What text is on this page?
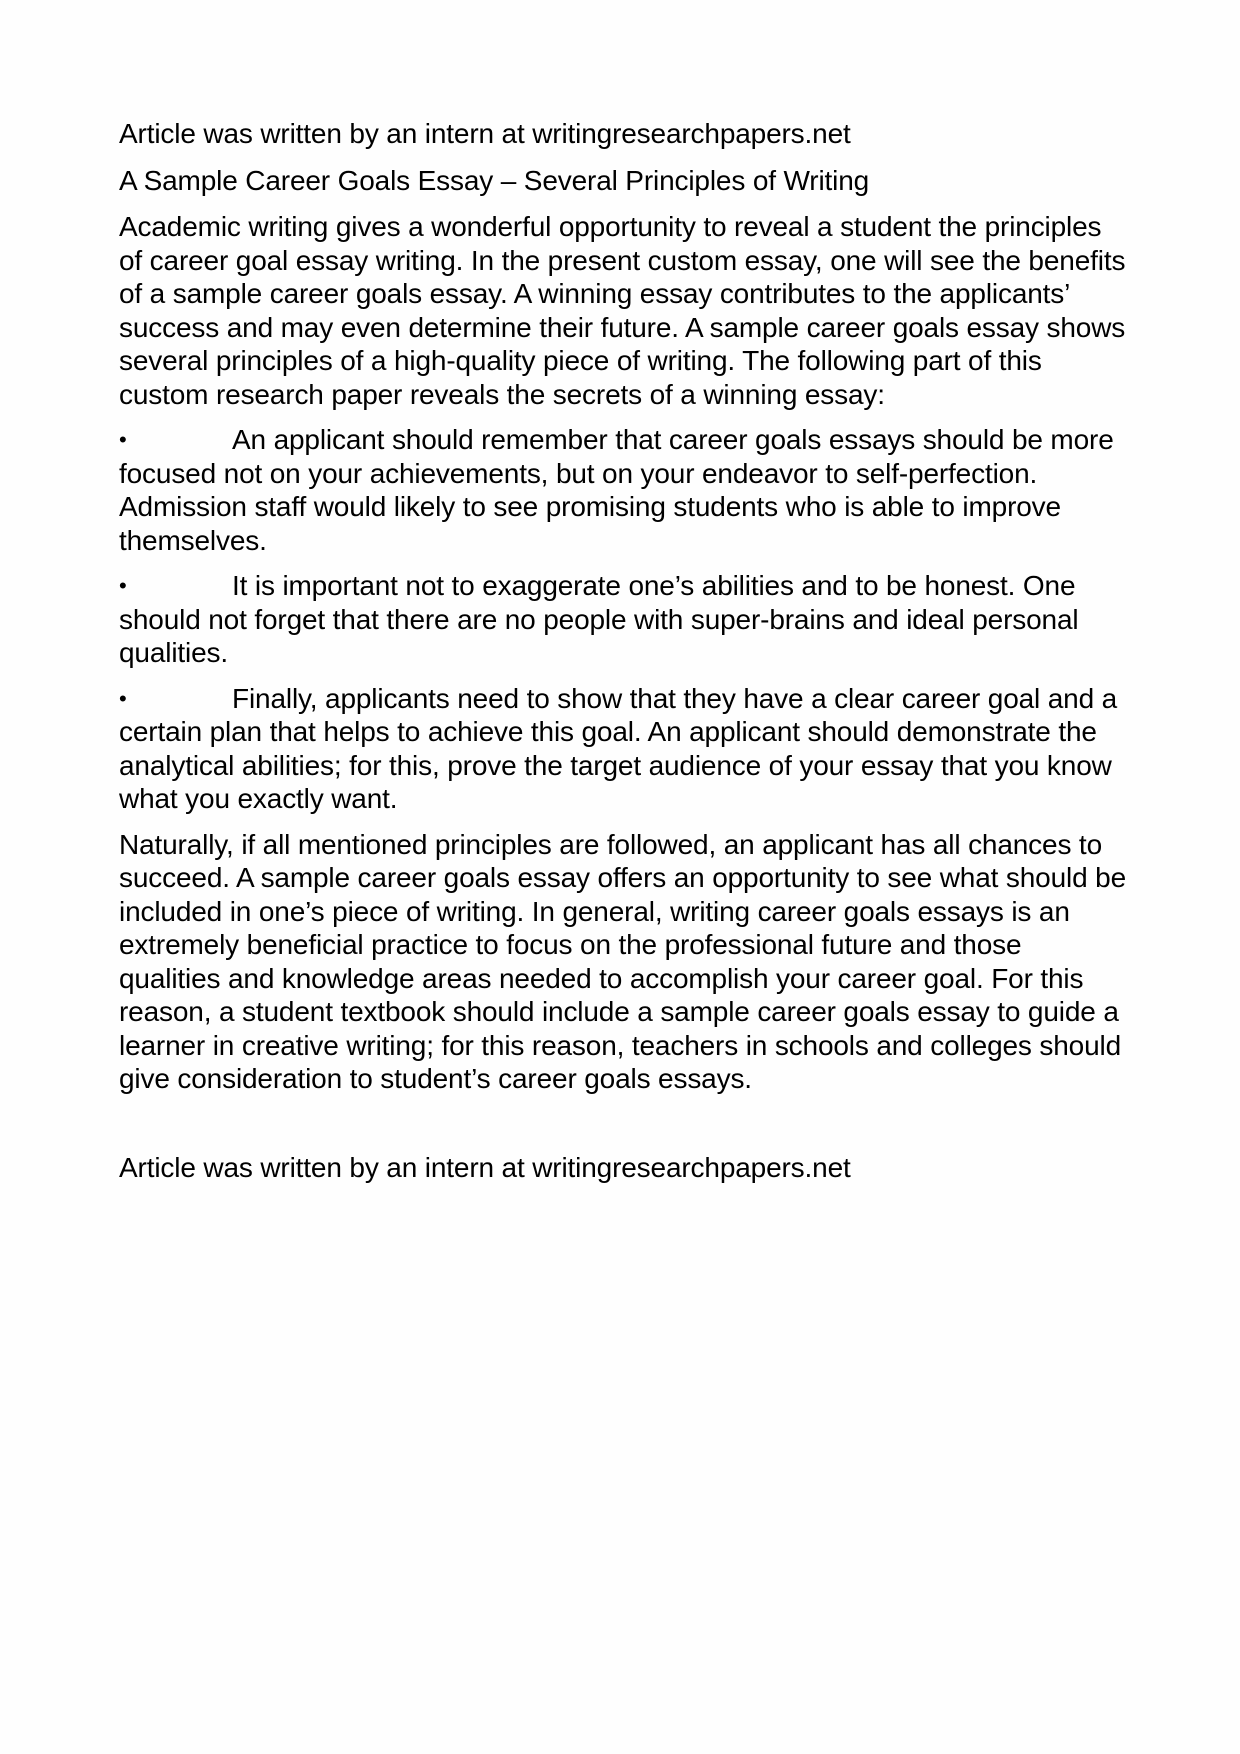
Article was written by an intern at writingresearchpapers.net
A Sample Career Goals Essay – Several Principles of Writing
Academic writing gives a wonderful opportunity to reveal a student the principles of career goal essay writing. In the present custom essay, one will see the benefits of a sample career goals essay. A winning essay contributes to the applicants’ success and may even determine their future. A sample career goals essay shows several principles of a high-quality piece of writing. The following part of this custom research paper reveals the secrets of a winning essay:
•	An applicant should remember that career goals essays should be more focused not on your achievements, but on your endeavor to self-perfection. Admission staff would likely to see promising students who is able to improve themselves.
•	It is important not to exaggerate one’s abilities and to be honest. One should not forget that there are no people with super-brains and ideal personal qualities.
•	Finally, applicants need to show that they have a clear career goal and a certain plan that helps to achieve this goal. An applicant should demonstrate the analytical abilities; for this, prove the target audience of your essay that you know what you exactly want.
Naturally, if all mentioned principles are followed, an applicant has all chances to succeed. A sample career goals essay offers an opportunity to see what should be included in one’s piece of writing. In general, writing career goals essays is an extremely beneficial practice to focus on the professional future and those qualities and knowledge areas needed to accomplish your career goal. For this reason, a student textbook should include a sample career goals essay to guide a learner in creative writing; for this reason, teachers in schools and colleges should give consideration to student’s career goals essays.
Article was written by an intern at writingresearchpapers.net
